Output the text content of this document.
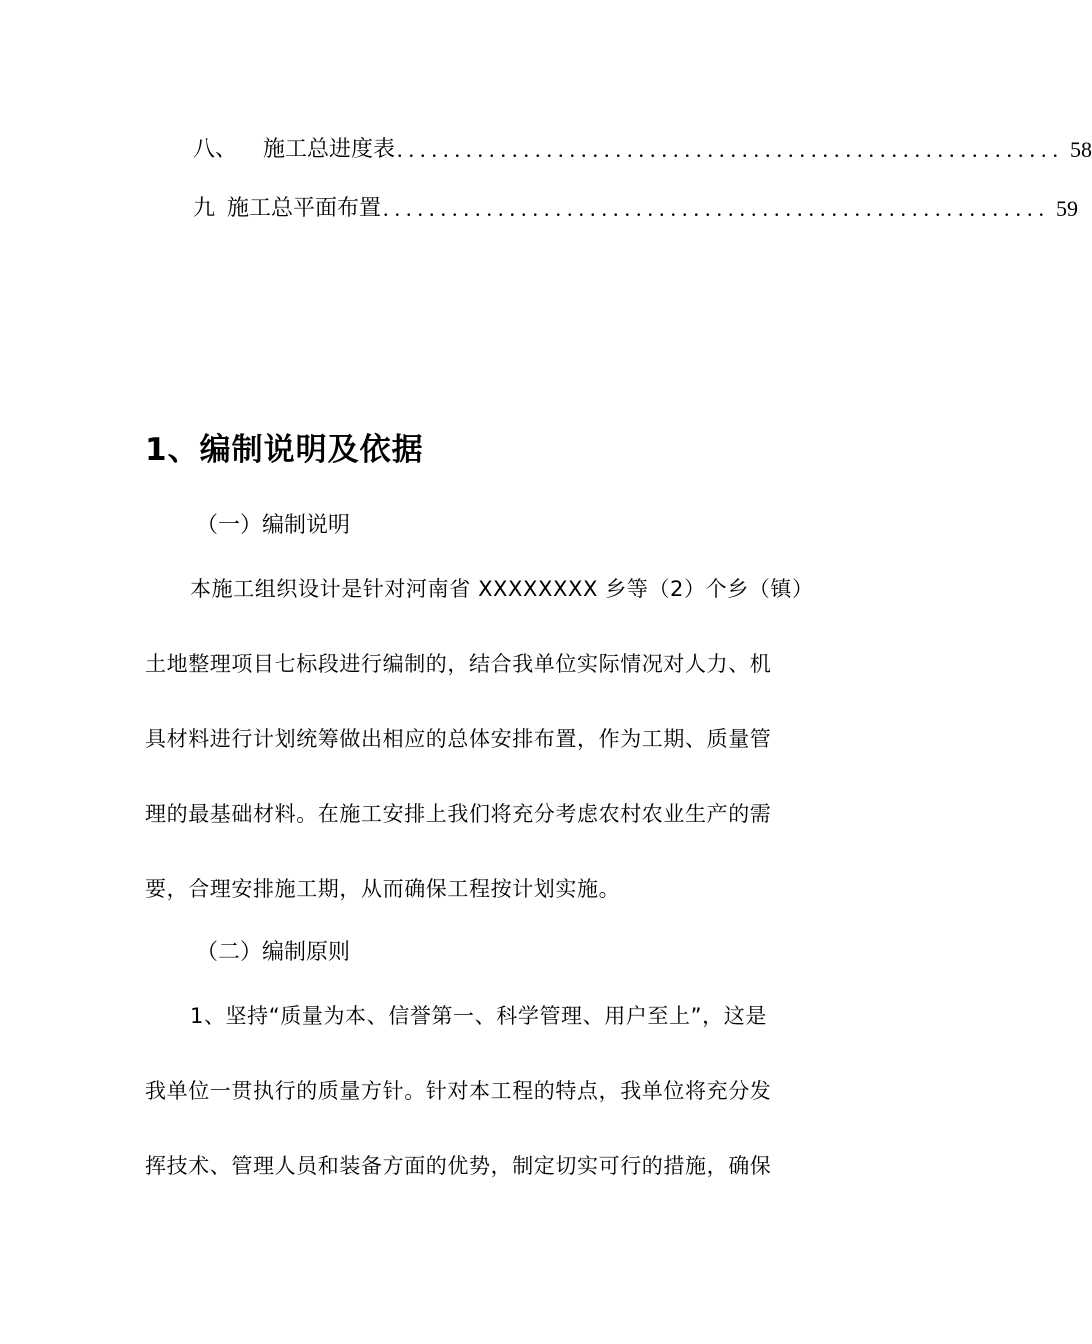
八、 施工总进度表 .......................................................... 58
九 施工总平面布置 .......................................................... 59
1、编制说明及依据
（一）编制说明
本施工组织设计是针对河南省 XXXXXXXX 乡等（2）个乡（镇）
土地整理项目七标段进行编制的，结合我单位实际情况对人力、机
具材料进行计划统筹做出相应的总体安排布置，作为工期、质量管
理的最基础材料。在施工安排上我们将充分考虑农村农业生产的需
要，合理安排施工期，从而确保工程按计划实施。
（二）编制原则
1、坚持“质量为本、信誉第一、科学管理、用户至上”，这是
我单位一贯执行的质量方针。针对本工程的特点，我单位将充分发
挥技术、管理人员和装备方面的优势，制定切实可行的措施，确保
